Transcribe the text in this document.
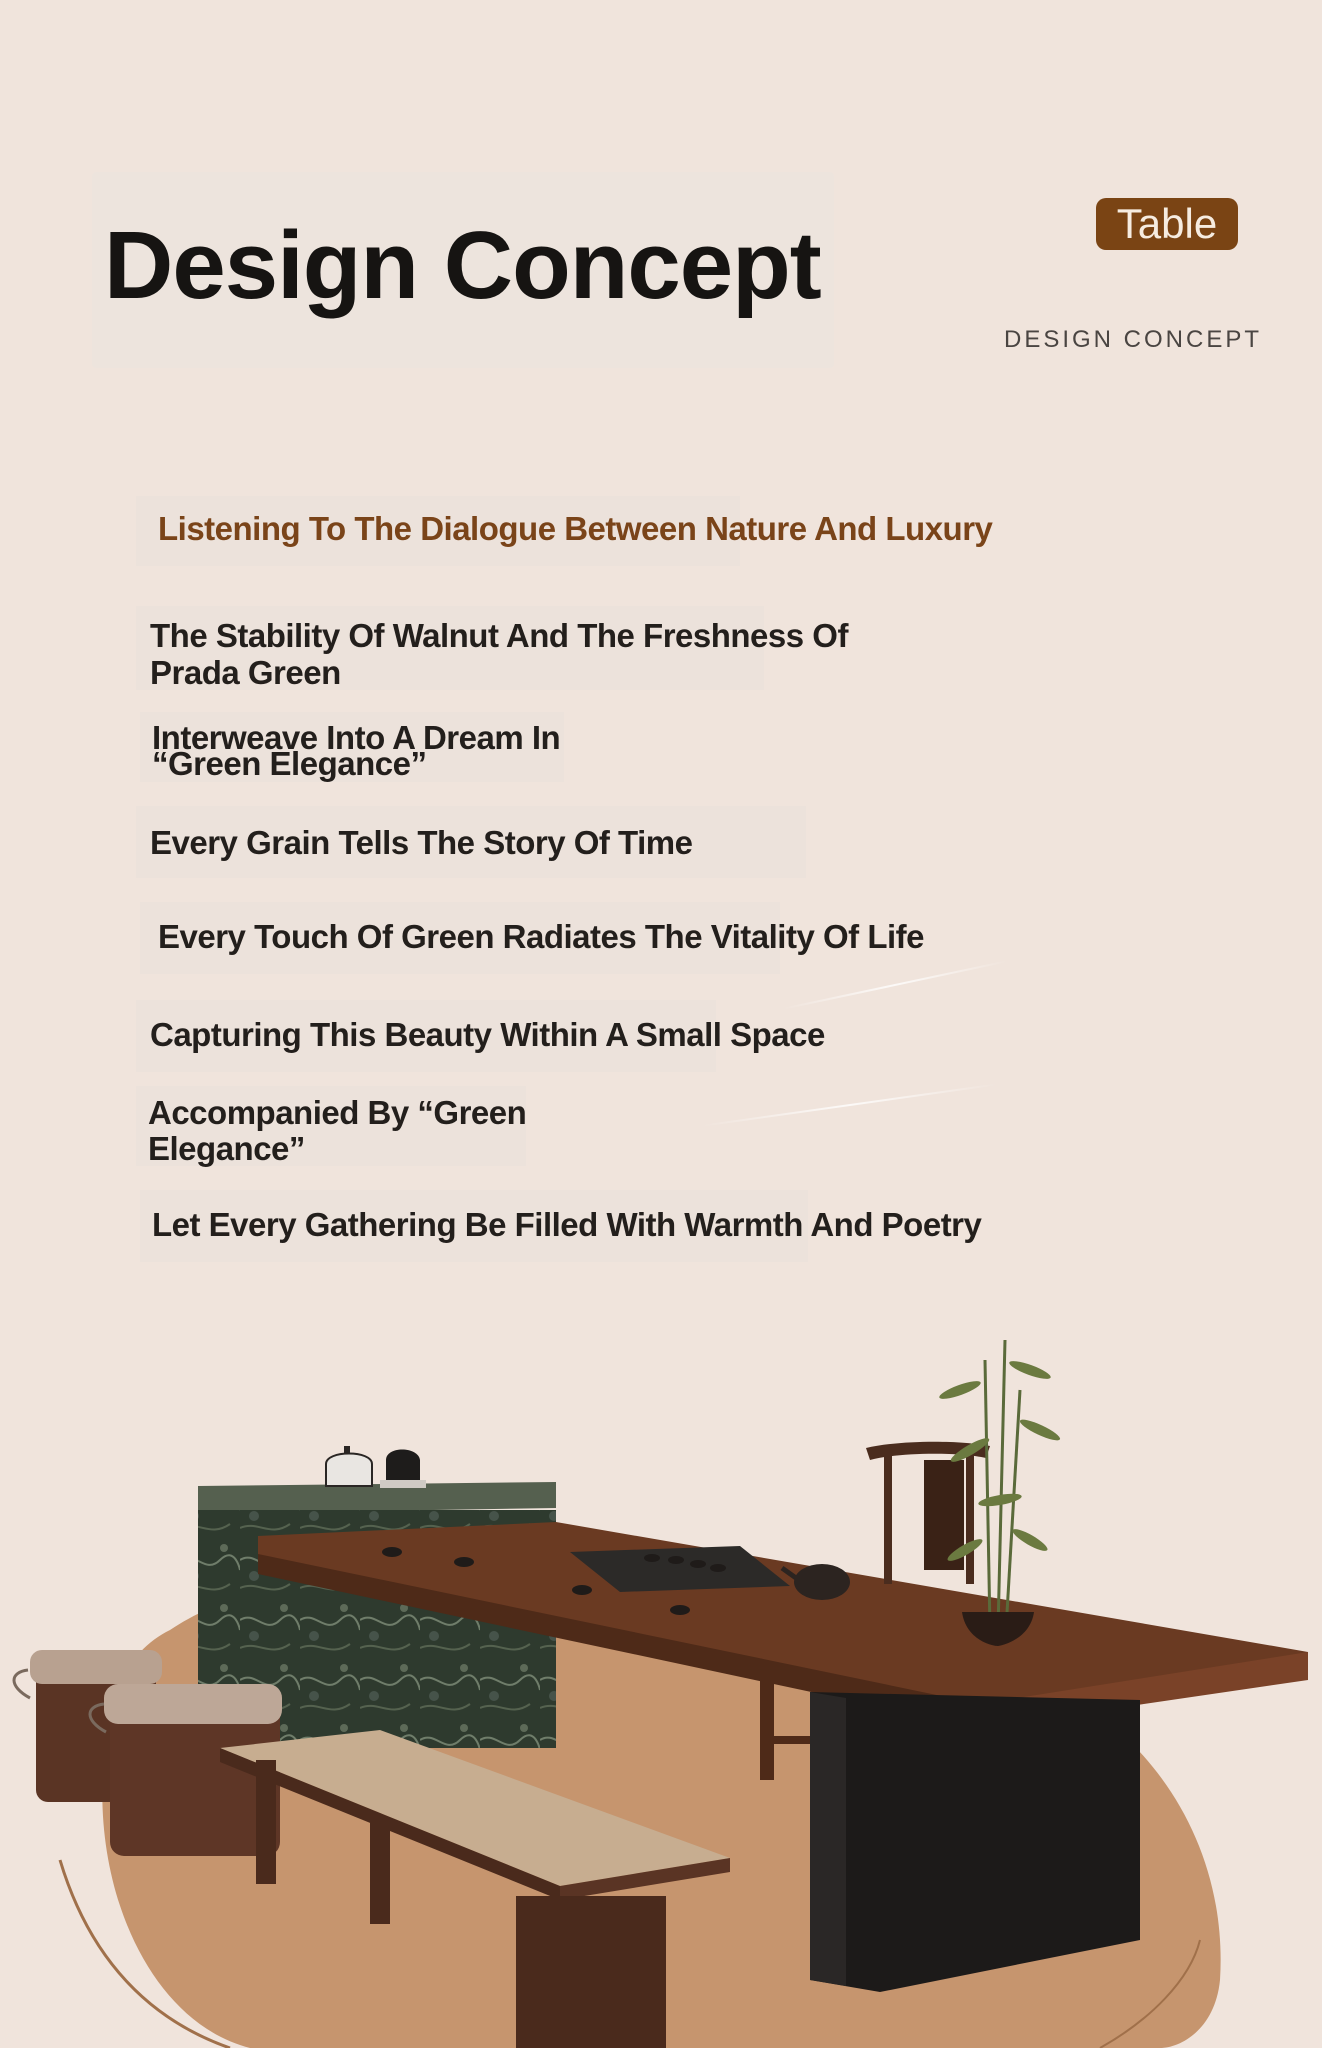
Design Concept	Table
DESIGN CONCEPT
Listening To The Dialogue Between Nature And Luxury
The Stability Of Walnut And The Freshness Of
Prada Green
Interweave Into A Dream In
“Green Elegance”
Every Grain Tells The Story Of Time
Every Touch Of Green Radiates The Vitality Of Life
Capturing This Beauty Within A Small Space
Accompanied By “Green
Elegance”
Let Every Gathering Be Filled With Warmth And Poetry
